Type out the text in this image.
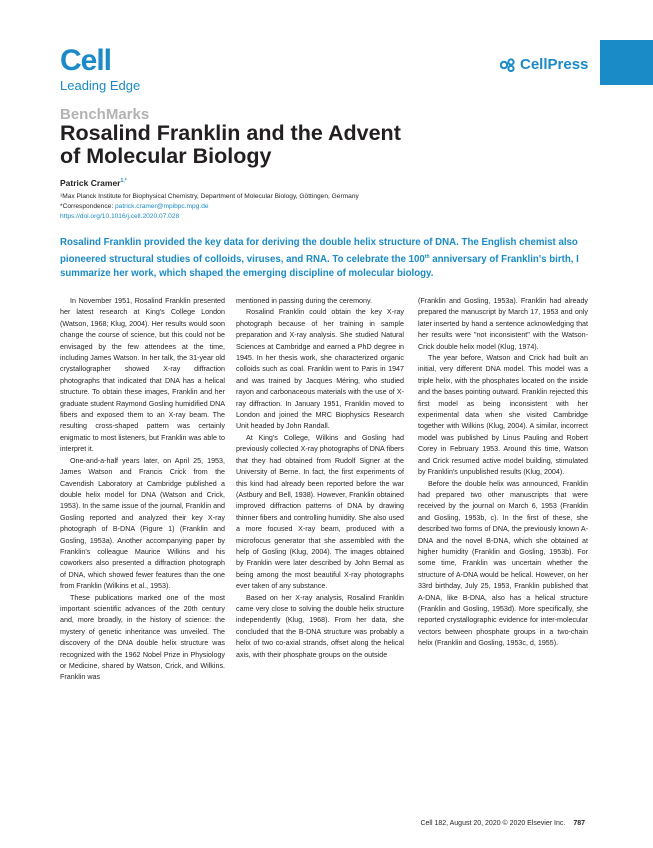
Cell
Leading Edge
CellPress
BenchMarks
Rosalind Franklin and the Advent
of Molecular Biology
Patrick Cramer$^{1,*}$
¹Max Planck Institute for Biophysical Chemistry, Department of Molecular Biology, Göttingen, Germany
*Correspondence: patrick.cramer@mpibpc.mpg.de
https://doi.org/10.1016/j.cell.2020.07.028
Rosalind Franklin provided the key data for deriving the double helix structure of DNA. The English chemist also pioneered structural studies of colloids, viruses, and RNA. To celebrate the 100th anniversary of Franklin's birth, I summarize her work, which shaped the emerging discipline of molecular biology.

In November 1951, Rosalind Franklin presented her latest research at King's College London (Watson, 1968; Klug, 2004). Her results would soon change the course of science, but this could not be envisaged by the few attendees at the time, including James Watson. In her talk, the 31-year old crystallographer showed X-ray diffraction photographs that indicated that DNA has a helical structure. To obtain these images, Franklin and her graduate student Raymond Gosling humidified DNA fibers and exposed them to an X-ray beam. The resulting cross-shaped pattern was certainly enigmatic to most listeners, but Franklin was able to interpret it.

One-and-a-half years later, on April 25, 1953, James Watson and Francis Crick from the Cavendish Laboratory at Cambridge published a double helix model for DNA (Watson and Crick, 1953). In the same issue of the journal, Franklin and Gosling reported and analyzed their key X-ray photograph of B-DNA (Figure 1) (Franklin and Gosling, 1953a). Another accompanying paper by Franklin's colleague Maurice Wilkins and his coworkers also presented a diffraction photograph of DNA, which showed fewer features than the one from Franklin (Wilkins et al., 1953).

These publications marked one of the most important scientific advances of the 20th century and, more broadly, in the history of science: the mystery of genetic inheritance was unveiled. The discovery of the DNA double helix structure was recognized with the 1962 Nobel Prize in Physiology or Medicine, shared by Watson, Crick, and Wilkins. Franklin was

mentioned in passing during the ceremony.

Rosalind Franklin could obtain the key X-ray photograph because of her training in sample preparation and X-ray analysis. She studied Natural Sciences at Cambridge and earned a PhD degree in 1945. In her thesis work, she characterized organic colloids such as coal. Franklin went to Paris in 1947 and was trained by Jacques Méring, who studied rayon and carbonaceous materials with the use of X-ray diffraction. In January 1951, Franklin moved to London and joined the MRC Biophysics Research Unit headed by John Randall.

At King's College, Wilkins and Gosling had previously collected X-ray photographs of DNA fibers that they had obtained from Rudolf Signer at the University of Berne. In fact, the first experiments of this kind had already been reported before the war (Astbury and Bell, 1938). However, Franklin obtained improved diffraction patterns of DNA by drawing thinner fibers and controlling humidity. She also used a more focused X-ray beam, produced with a microfocus generator that she assembled with the help of Gosling (Klug, 2004). The images obtained by Franklin were later described by John Bernal as being among the most beautiful X-ray photographs ever taken of any substance.

Based on her X-ray analysis, Rosalind Franklin came very close to solving the double helix structure independently (Klug, 1968). From her data, she concluded that the B-DNA structure was probably a helix of two co-axial strands, offset along the helical axis, with their phosphate groups on the outside

(Franklin and Gosling, 1953a). Franklin had already prepared the manuscript by March 17, 1953 and only later inserted by hand a sentence acknowledging that her results were "not inconsistent" with the Watson-Crick double helix model (Klug, 1974).

The year before, Watson and Crick had built an initial, very different DNA model. This model was a triple helix, with the phosphates located on the inside and the bases pointing outward. Franklin rejected this first model as being inconsistent with her experimental data when she visited Cambridge together with Wilkins (Klug, 2004). A similar, incorrect model was published by Linus Pauling and Robert Corey in February 1953. Around this time, Watson and Crick resumed active model building, stimulated by Franklin's unpublished results (Klug, 2004).

Before the double helix was announced, Franklin had prepared two other manuscripts that were received by the journal on March 6, 1953 (Franklin and Gosling, 1953b, c). In the first of these, she described two forms of DNA, the previously known A-DNA and the novel B-DNA, which she obtained at higher humidity (Franklin and Gosling, 1953b). For some time, Franklin was uncertain whether the structure of A-DNA would be helical. However, on her 33rd birthday, July 25, 1953, Franklin published that A-DNA, like B-DNA, also has a helical structure (Franklin and Gosling, 1953d). More specifically, she reported crystallographic evidence for inter-molecular vectors between phosphate groups in a two-chain helix (Franklin and Gosling, 1953c, d, 1955).

Cell 182, August 20, 2020 © 2020 Elsevier Inc. 787
